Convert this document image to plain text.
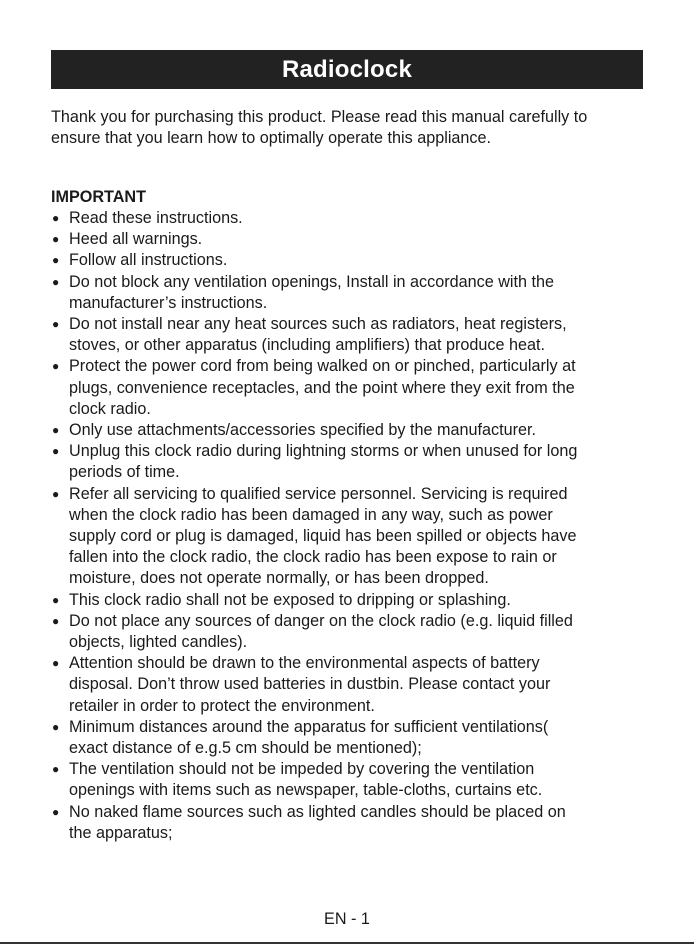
Radioclock
Thank you for purchasing this product. Please read this manual carefully to
ensure that you learn how to optimally operate this appliance.
IMPORTANT
● Read these instructions.
● Heed all warnings.
● Follow all instructions.
● Do not block any ventilation openings, Install in accordance with the
manufacturer’s instructions.
● Do not install near any heat sources such as radiators, heat registers,
stoves, or other apparatus (including amplifiers) that produce heat.
● Protect the power cord from being walked on or pinched, particularly at
plugs, convenience receptacles, and the point where they exit from the
clock radio.
● Only use attachments/accessories specified by the manufacturer.
● Unplug this clock radio during lightning storms or when unused for long
periods of time.
● Refer all servicing to qualified service personnel. Servicing is required
when the clock radio has been damaged in any way, such as power
supply cord or plug is damaged, liquid has been spilled or objects have
fallen into the clock radio, the clock radio has been expose to rain or
moisture, does not operate normally, or has been dropped.
● This clock radio shall not be exposed to dripping or splashing.
● Do not place any sources of danger on the clock radio (e.g. liquid filled
objects, lighted candles).
● Attention should be drawn to the environmental aspects of battery
disposal. Don’t throw used batteries in dustbin. Please contact your
retailer in order to protect the environment.
● Minimum distances around the apparatus for sufficient ventilations(
exact distance of e.g.5 cm should be mentioned);
● The ventilation should not be impeded by covering the ventilation
openings with items such as newspaper, table-cloths, curtains etc.
● No naked flame sources such as lighted candles should be placed on
the apparatus;
EN - 1
